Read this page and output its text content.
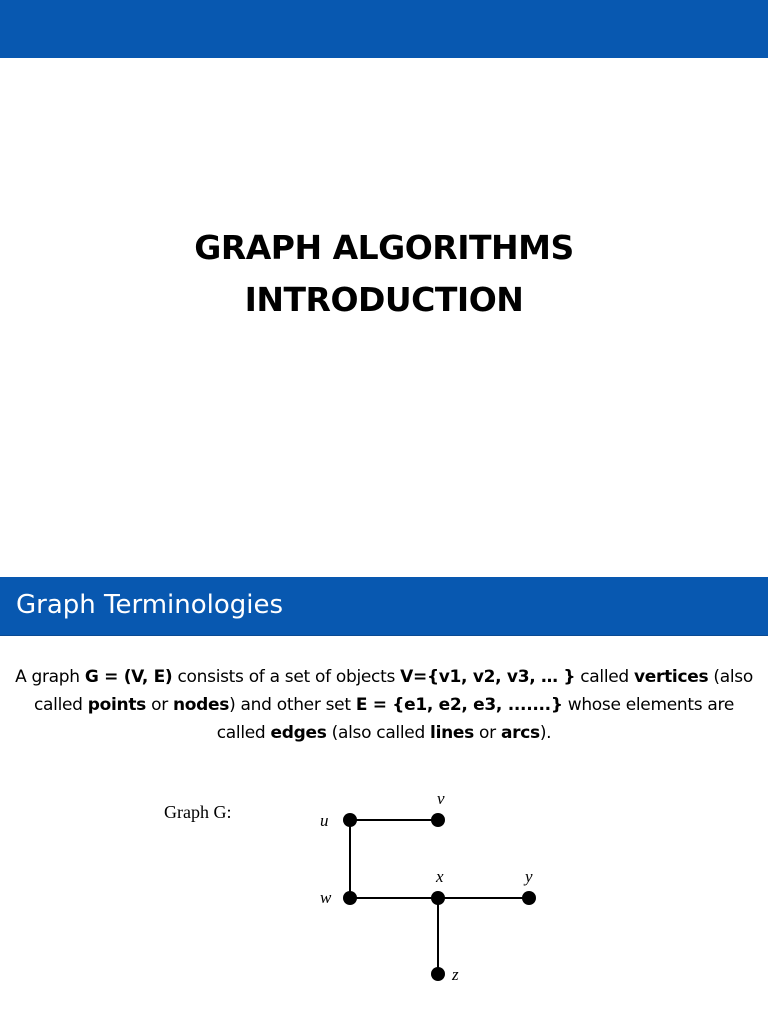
GRAPH ALGORITHMS
INTRODUCTION
Graph Terminologies
A graph G = (V, E) consists of a set of objects V={v1, v2, v3, … } called vertices (also called points or nodes) and other set E = {e1, e2, e3, .......} whose elements are called edges (also called lines or arcs).
Graph G:	u
v
w
x	y
z
